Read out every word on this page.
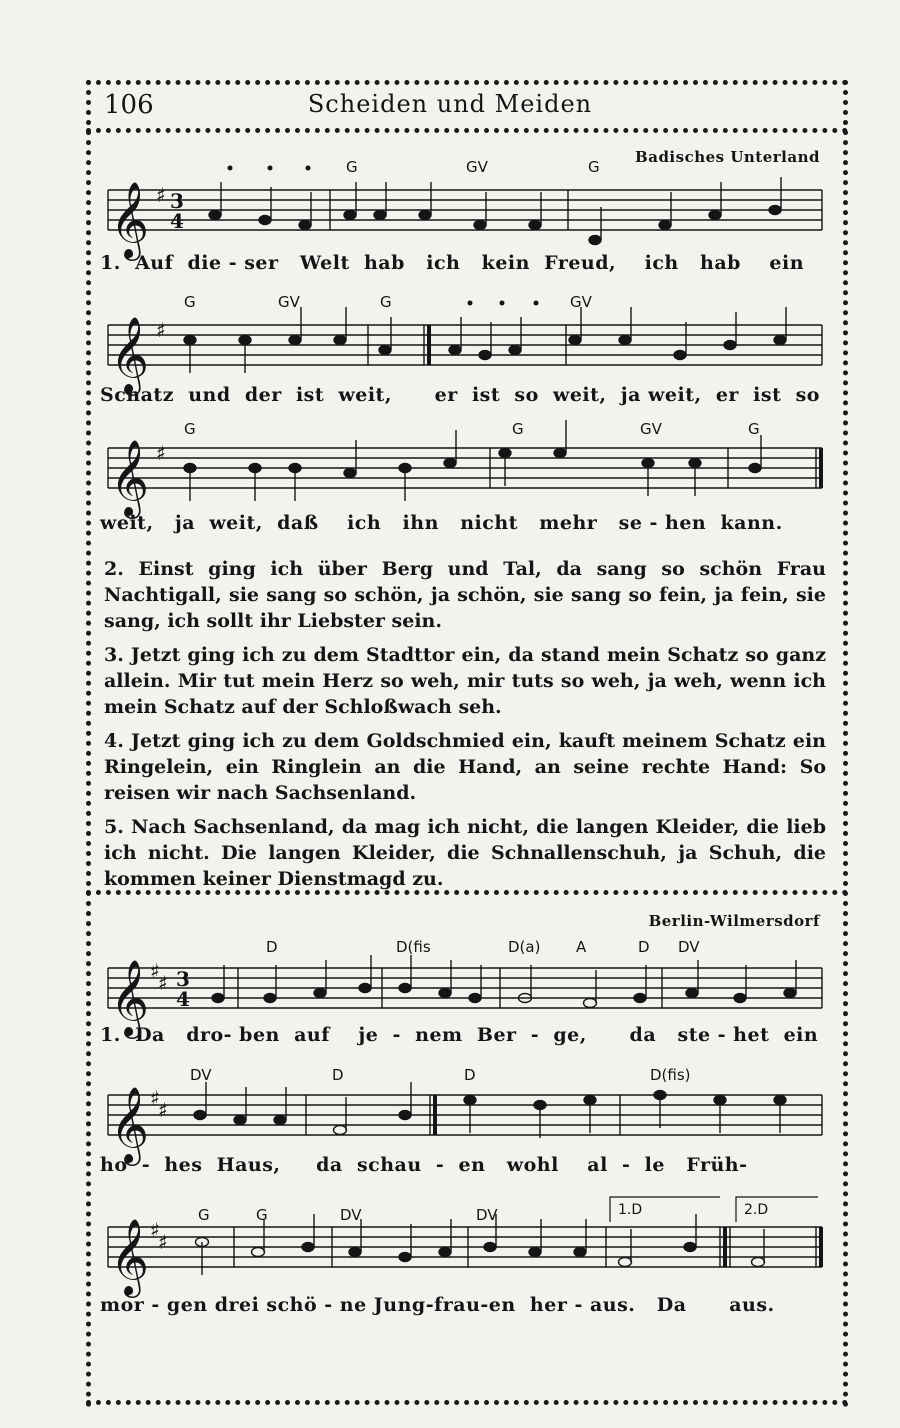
106	Scheiden und Meiden
Badisches Unterland
𝄞 ♯ 3
4
G	GV	G
1.  Auf  die - ser   Welt  hab   ich   kein  Freud,    ich   hab    ein
𝄞 ♯
G	GV	G	GV
Schatz  und  der  ist  weit,      er  ist  so  weit,  ja weit,  er  ist  so
𝄞 ♯
G	G	GV	G
weit,   ja  weit,  daß    ich   ihn   nicht   mehr   se - hen  kann.

2. Einst ging ich über Berg und Tal, da sang so schön Frau Nachtigall, sie sang so schön, ja schön, sie sang so fein, ja fein, sie sang, ich sollt ihr Liebster sein.

3. Jetzt ging ich zu dem Stadttor ein, da stand mein Schatz so ganz allein. Mir tut mein Herz so weh, mir tuts so weh, ja weh, wenn ich mein Schatz auf der Schloßwach seh.

4. Jetzt ging ich zu dem Goldschmied ein, kauft meinem Schatz ein Ringelein, ein Ringlein an die Hand, an seine rechte Hand: So reisen wir nach Sachsenland.

5. Nach Sachsenland, da mag ich nicht, die langen Kleider, die lieb ich nicht. Die langen Kleider, die Schnallenschuh, ja Schuh, die kommen keiner Dienstmagd zu.

Berlin-Wilmersdorf
𝄞 ♯
♯ 3
4
D	D(fis	D(a) A	D DV
1.  Da   dro- ben  auf    je  -  nem  Ber  -  ge,      da   ste - het  ein
𝄞 ♯
♯
DV	D	D	D(fis)
ho  -  hes  Haus,     da  schau  -  en   wohl    al  -  le   Früh-
1.D	2.D
𝄞 ♯
♯
G	G	DV	DV
mor - gen drei schö - ne Jung-frau-en  her - aus.   Da      aus.
